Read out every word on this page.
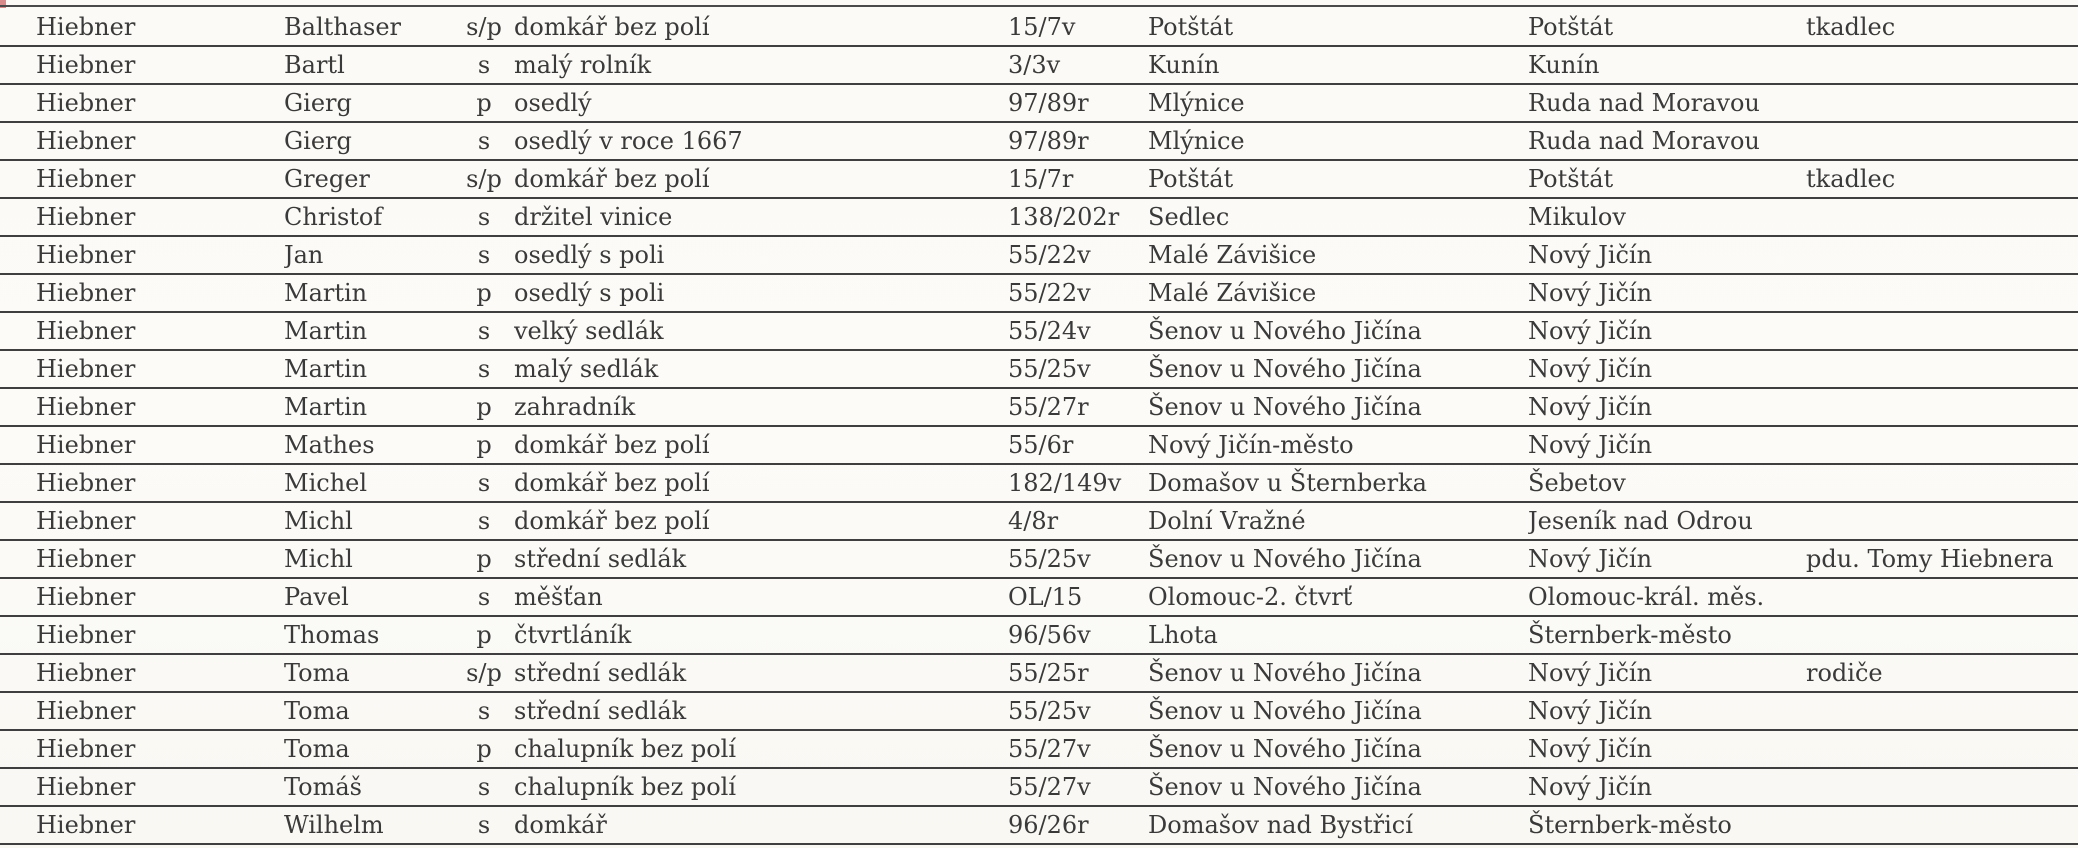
Hiebner	Balthaser	s/p	domkář bez polí	15/7v	Potštát	Potštát	tkadlec
Hiebner	Bartl	s	malý rolník	3/3v	Kunín	Kunín	
Hiebner	Gierg	p	osedlý	97/89r	Mlýnice	Ruda nad Moravou	
Hiebner	Gierg	s	osedlý v roce 1667	97/89r	Mlýnice	Ruda nad Moravou	
Hiebner	Greger	s/p	domkář bez polí	15/7r	Potštát	Potštát	tkadlec
Hiebner	Christof	s	držitel vinice	138/202r	Sedlec	Mikulov	
Hiebner	Jan	s	osedlý s poli	55/22v	Malé Závišice	Nový Jičín	
Hiebner	Martin	p	osedlý s poli	55/22v	Malé Závišice	Nový Jičín	
Hiebner	Martin	s	velký sedlák	55/24v	Šenov u Nového Jičína	Nový Jičín	
Hiebner	Martin	s	malý sedlák	55/25v	Šenov u Nového Jičína	Nový Jičín	
Hiebner	Martin	p	zahradník	55/27r	Šenov u Nového Jičína	Nový Jičín	
Hiebner	Mathes	p	domkář bez polí	55/6r	Nový Jičín-město	Nový Jičín	
Hiebner	Michel	s	domkář bez polí	182/149v	Domašov u Šternberka	Šebetov	
Hiebner	Michl	s	domkář bez polí	4/8r	Dolní Vražné	Jeseník nad Odrou	
Hiebner	Michl	p	střední sedlák	55/25v	Šenov u Nového Jičína	Nový Jičín	pdu. Tomy Hiebnera
Hiebner	Pavel	s	měšťan	OL/15	Olomouc-2. čtvrť	Olomouc-král. měs.	
Hiebner	Thomas	p	čtvrtláník	96/56v	Lhota	Šternberk-město	
Hiebner	Toma	s/p	střední sedlák	55/25r	Šenov u Nového Jičína	Nový Jičín	rodiče
Hiebner	Toma	s	střední sedlák	55/25v	Šenov u Nového Jičína	Nový Jičín	
Hiebner	Toma	p	chalupník bez polí	55/27v	Šenov u Nového Jičína	Nový Jičín	
Hiebner	Tomáš	s	chalupník bez polí	55/27v	Šenov u Nového Jičína	Nový Jičín	
Hiebner	Wilhelm	s	domkář	96/26r	Domašov nad Bystřicí	Šternberk-město	
